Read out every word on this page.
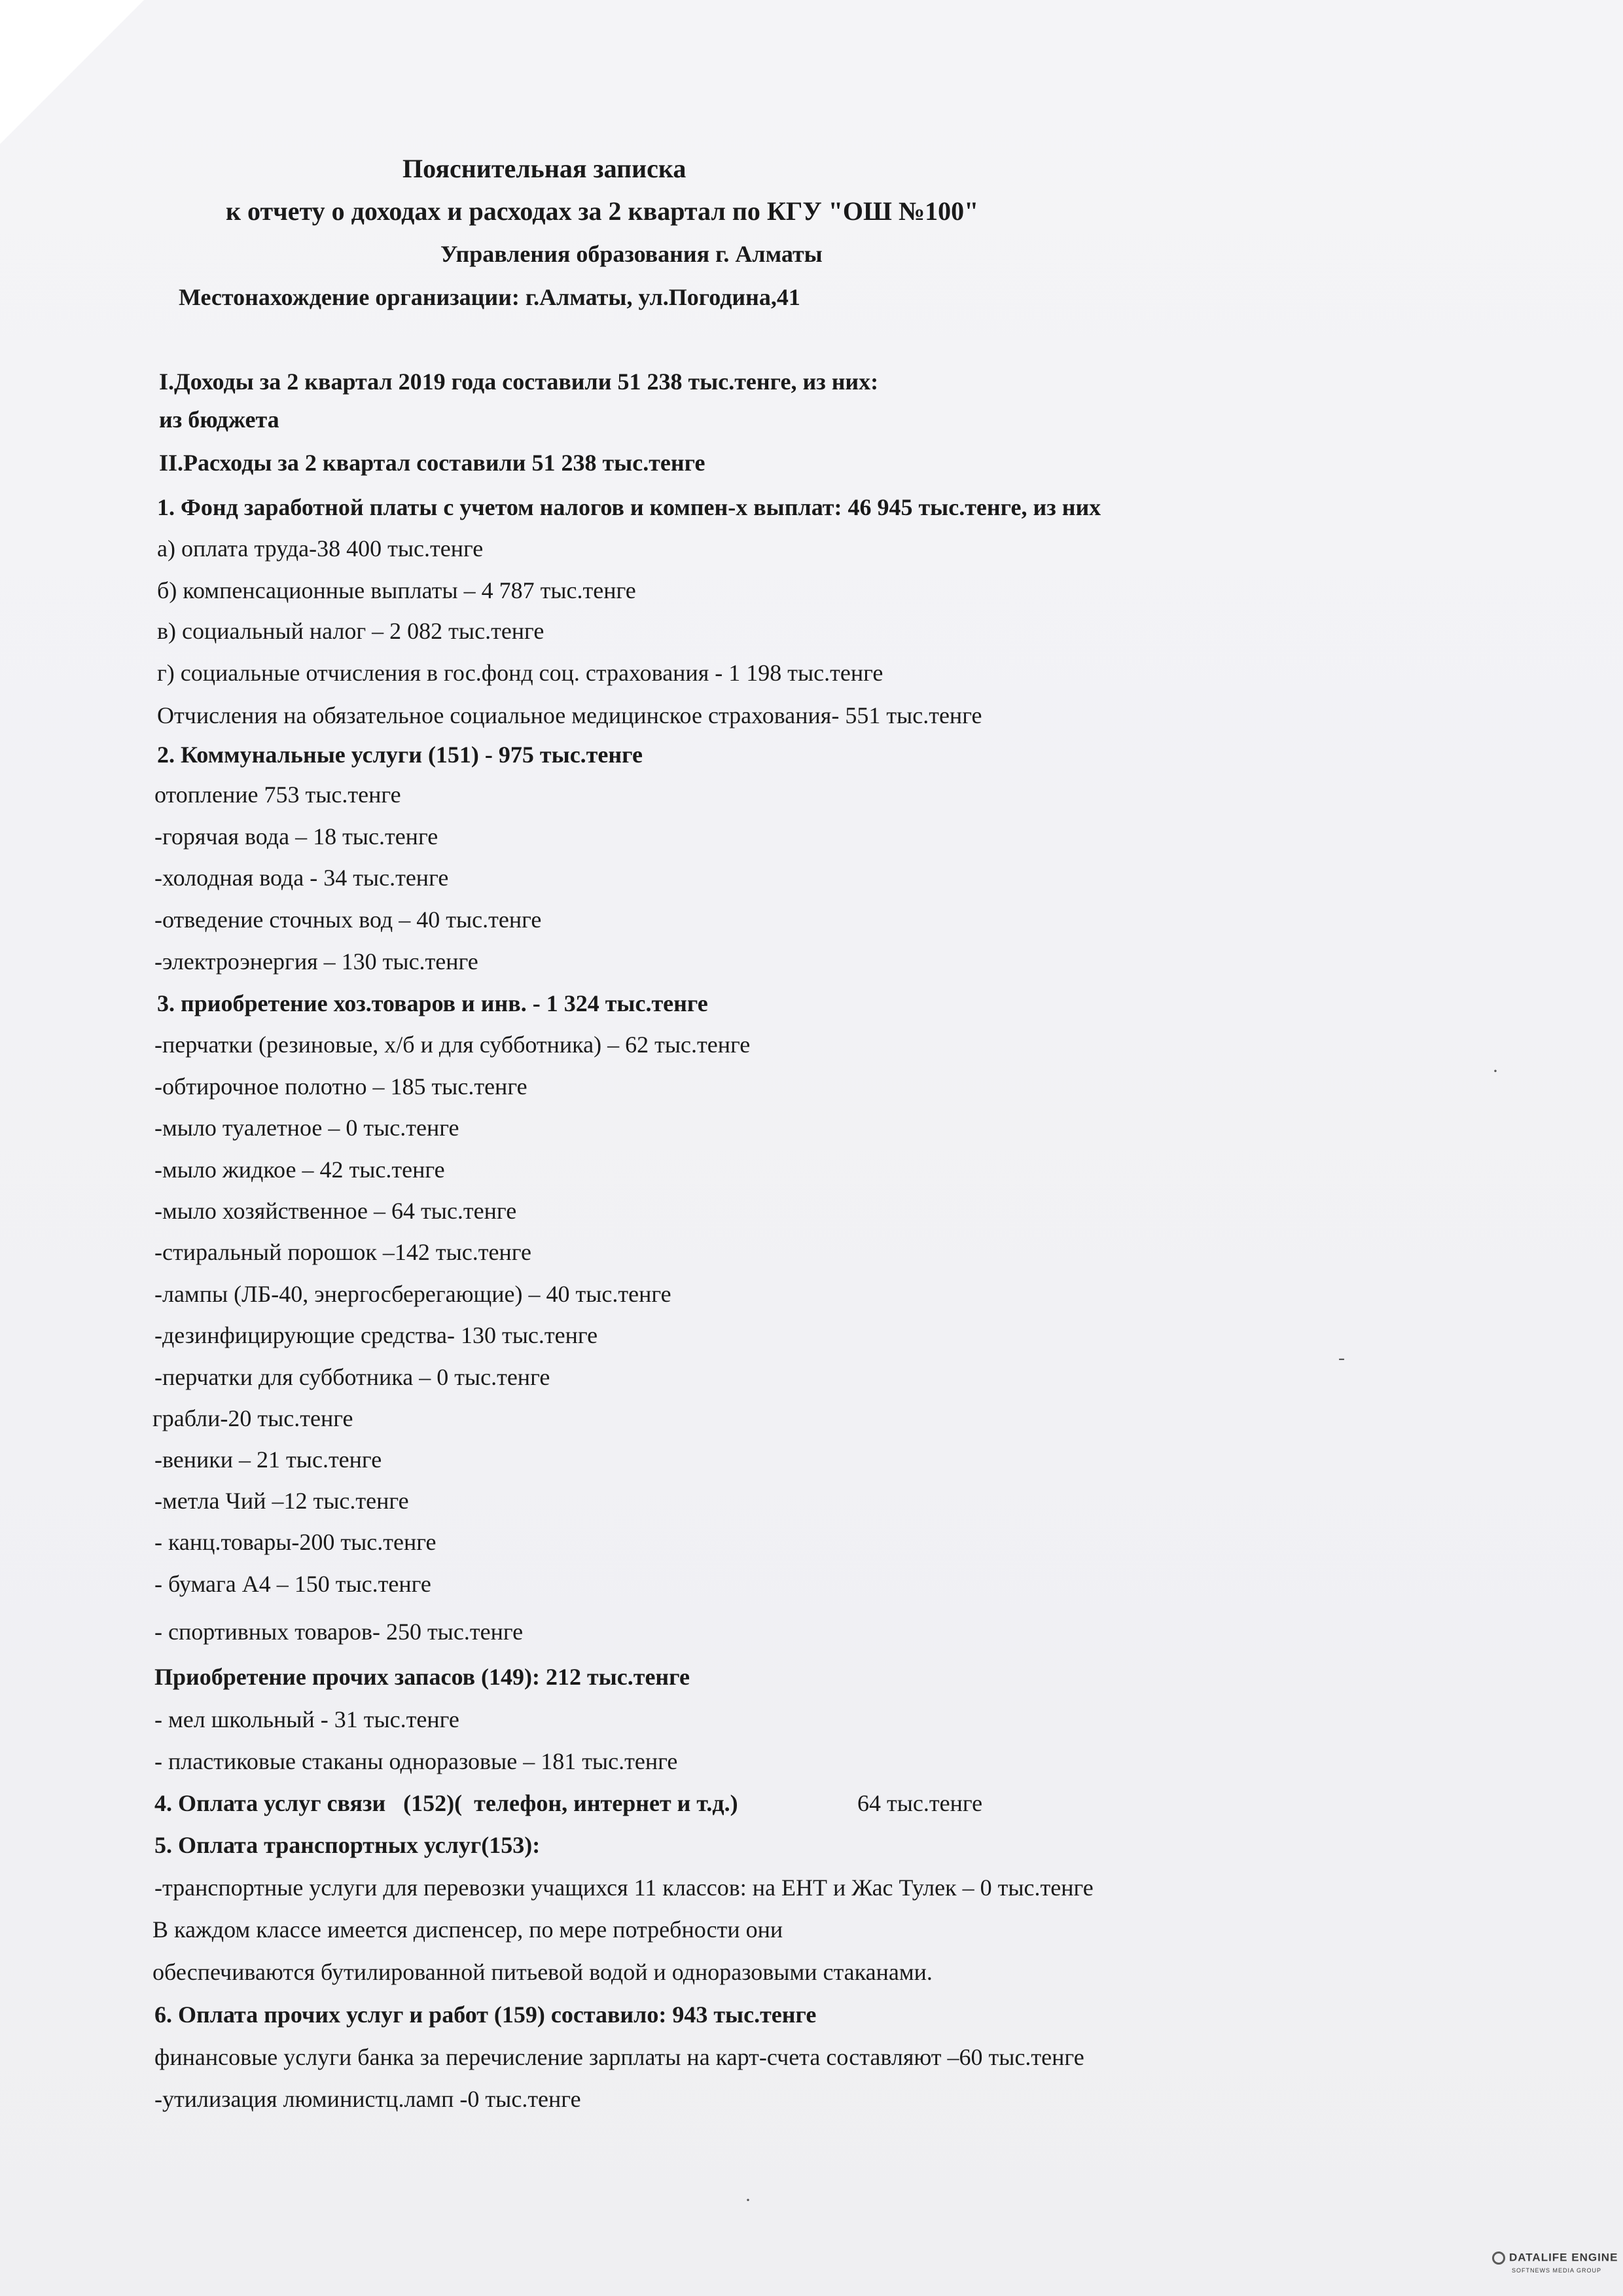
Пояснительная записка
к отчету о доходах и расходах за 2 квартал по КГУ "ОШ №100"
Управления образования г. Алматы
Местонахождение организации: г.Алматы, ул.Погодина,41
I.Доходы за 2 квартал 2019 года составили 51 238 тыс.тенге, из них:
из бюджета
II.Расходы за 2 квартал составили 51 238 тыс.тенге
1. Фонд заработной платы с учетом налогов и компен-х выплат: 46 945 тыс.тенге, из них
а) оплата труда-38 400 тыс.тенге
б) компенсационные выплаты – 4 787 тыс.тенге
в) социальный налог – 2 082 тыс.тенге
г) социальные отчисления в гос.фонд соц. страхования - 1 198 тыс.тенге
Отчисления на обязательное социальное медицинское страхования- 551 тыс.тенге
2. Коммунальные услуги (151) - 975 тыс.тенге
отопление 753 тыс.тенге
-горячая вода – 18 тыс.тенге
-холодная вода - 34 тыс.тенге
-отведение сточных вод – 40 тыс.тенге
-электроэнергия – 130 тыс.тенге
3. приобретение хоз.товаров и инв. - 1 324 тыс.тенге
-перчатки (резиновые, х/б и для субботника) – 62 тыс.тенге
-обтирочное полотно – 185 тыс.тенге
-мыло туалетное – 0 тыс.тенге
-мыло жидкое – 42 тыс.тенге
-мыло хозяйственное – 64 тыс.тенге
-стиральный порошок –142 тыс.тенге
-лампы (ЛБ-40, энергосберегающие) – 40 тыс.тенге
-дезинфицирующие средства- 130 тыс.тенге
-перчатки для субботника – 0 тыс.тенге
грабли-20 тыс.тенге
-веники – 21 тыс.тенге
-метла Чий –12 тыс.тенге
- канц.товары-200 тыс.тенге
- бумага А4 – 150 тыс.тенге
- спортивных товаров- 250 тыс.тенге
Приобретение прочих запасов (149): 212 тыс.тенге
- мел школьный - 31 тыс.тенге
- пластиковые стаканы одноразовые – 181 тыс.тенге
4. Оплата услуг связи   (152)(  телефон, интернет и т.д.)	64 тыс.тенге
5. Оплата транспортных услуг(153):
-транспортные услуги для перевозки учащихся 11 классов: на ЕНТ и Жас Тулек – 0 тыс.тенге
В каждом классе имеется диспенсер, по мере потребности они
обеспечиваются бутилированной питьевой водой и одноразовыми стаканами.
6. Оплата прочих услуг и работ (159) составило: 943 тыс.тенге
финансовые услуги банка за перечисление зарплаты на карт-счета составляют –60 тыс.тенге
-утилизация люминистц.ламп -0 тыс.тенге
·
-
·
DATALIFE ENGINE
SOFTNEWS MEDIA GROUP
